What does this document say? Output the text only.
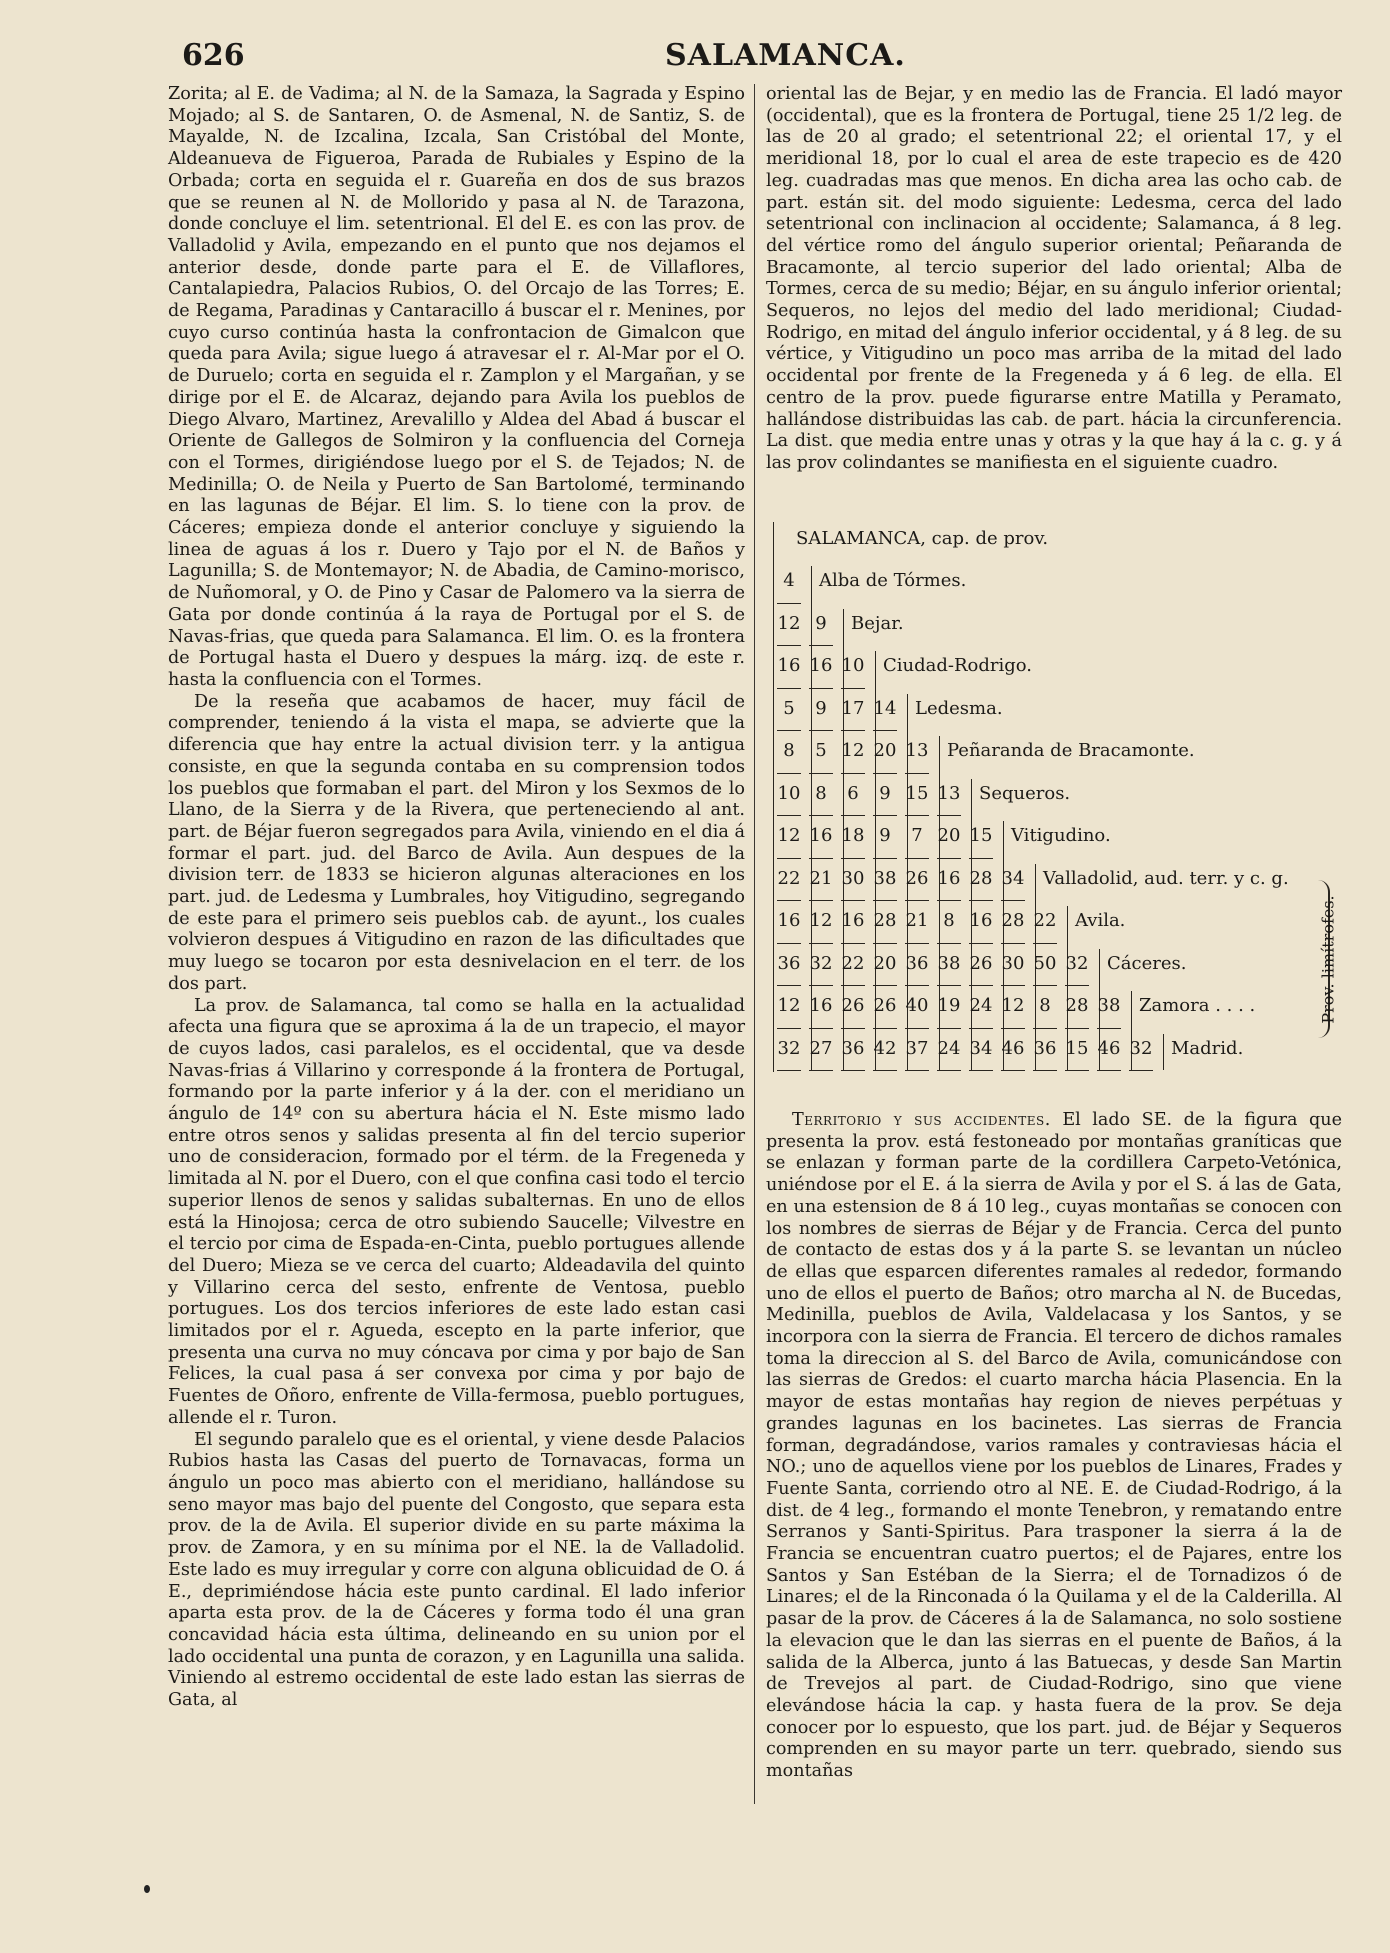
626	SALAMANCA.

Zorita; al E. de Vadima; al N. de la Samaza, la Sagrada y Espino Mojado; al S. de Santaren, O. de Asmenal, N. de Santiz, S. de Mayalde, N. de Izcalina, Izcala, San Cristóbal del Monte, Aldeanueva de Figueroa, Parada de Rubiales y Espino de la Orbada; corta en seguida el r. Guareña en dos de sus brazos que se reunen al N. de Mollorido y pasa al N. de Tarazona, donde concluye el lim. setentrional. El del E. es con las prov. de Valladolid y Avila, empezando en el punto que nos dejamos el anterior desde, donde parte para el E. de Villaflores, Cantalapiedra, Palacios Rubios, O. del Orcajo de las Torres; E. de Regama, Paradinas y Cantaracillo á buscar el r. Menines, por cuyo curso continúa hasta la confrontacion de Gimalcon que queda para Avila; sigue luego á atravesar el r. Al-Mar por el O. de Duruelo; corta en seguida el r. Zamplon y el Margañan, y se dirige por el E. de Alcaraz, dejando para Avila los pueblos de Diego Alvaro, Martinez, Arevalillo y Aldea del Abad á buscar el Oriente de Gallegos de Solmiron y la confluencia del Corneja con el Tormes, dirigiéndose luego por el S. de Tejados; N. de Medinilla; O. de Neila y Puerto de San Bartolomé, terminando en las lagunas de Béjar. El lim. S. lo tiene con la prov. de Cáceres; empieza donde el anterior concluye y siguiendo la linea de aguas á los r. Duero y Tajo por el N. de Baños y Lagunilla; S. de Montemayor; N. de Abadia, de Camino-morisco, de Nuñomoral, y O. de Pino y Casar de Palomero va la sierra de Gata por donde continúa á la raya de Portugal por el S. de Navas-frias, que queda para Salamanca. El lim. O. es la frontera de Portugal hasta el Duero y despues la márg. izq. de este r. hasta la confluencia con el Tormes.

De la reseña que acabamos de hacer, muy fácil de comprender, teniendo á la vista el mapa, se advierte que la diferencia que hay entre la actual division terr. y la antigua consiste, en que la segunda contaba en su comprension todos los pueblos que formaban el part. del Miron y los Sexmos de lo Llano, de la Sierra y de la Rivera, que perteneciendo al ant. part. de Béjar fueron segregados para Avila, viniendo en el dia á formar el part. jud. del Barco de Avila. Aun despues de la division terr. de 1833 se hicieron algunas alteraciones en los part. jud. de Ledesma y Lumbrales, hoy Vitigudino, segregando de este para el primero seis pueblos cab. de ayunt., los cuales volvieron despues á Vitigudino en razon de las dificultades que muy luego se tocaron por esta desnivelacion en el terr. de los dos part.

La prov. de Salamanca, tal como se halla en la actualidad afecta una figura que se aproxima á la de un trapecio, el mayor de cuyos lados, casi paralelos, es el occidental, que va desde Navas-frias á Villarino y corresponde á la frontera de Portugal, formando por la parte inferior y á la der. con el meridiano un ángulo de 14º con su abertura hácia el N. Este mismo lado entre otros senos y salidas presenta al fin del tercio superior uno de consideracion, formado por el térm. de la Fregeneda y limitada al N. por el Duero, con el que confina casi todo el tercio superior llenos de senos y salidas subalternas. En uno de ellos está la Hinojosa; cerca de otro subiendo Saucelle; Vilvestre en el tercio por cima de Espada-en-Cinta, pueblo portugues allende del Duero; Mieza se ve cerca del cuarto; Aldeadavila del quinto y Villarino cerca del sesto, enfrente de Ventosa, pueblo portugues. Los dos tercios inferiores de este lado estan casi limitados por el r. Agueda, escepto en la parte inferior, que presenta una curva no muy cóncava por cima y por bajo de San Felices, la cual pasa á ser convexa por cima y por bajo de Fuentes de Oñoro, enfrente de Villa-fermosa, pueblo portugues, allende el r. Turon.

El segundo paralelo que es el oriental, y viene desde Palacios Rubios hasta las Casas del puerto de Tornavacas, forma un ángulo un poco mas abierto con el meridiano, hallándose su seno mayor mas bajo del puente del Congosto, que separa esta prov. de la de Avila. El superior divide en su parte máxima la prov. de Zamora, y en su mínima por el NE. la de Valladolid. Este lado es muy irregular y corre con alguna oblicuidad de O. á E., deprimiéndose hácia este punto cardinal. El lado inferior aparta esta prov. de la de Cáceres y forma todo él una gran concavidad hácia esta última, delineando en su union por el lado occidental una punta de corazon, y en Lagunilla una salida. Viniendo al estremo occidental de este lado estan las sierras de Gata, al

oriental las de Bejar, y en medio las de Francia. El ladó mayor (occidental), que es la frontera de Portugal, tiene 25 1/2 leg. de las de 20 al grado; el setentrional 22; el oriental 17, y el meridional 18, por lo cual el area de este trapecio es de 420 leg. cuadradas mas que menos. En dicha area las ocho cab. de part. están sit. del modo siguiente: Ledesma, cerca del lado setentrional con inclinacion al occidente; Salamanca, á 8 leg. del vértice romo del ángulo superior oriental; Peñaranda de Bracamonte, al tercio superior del lado oriental; Alba de Tormes, cerca de su medio; Béjar, en su ángulo inferior oriental; Sequeros, no lejos del medio del lado meridional; Ciudad-Rodrigo, en mitad del ángulo inferior occidental, y á 8 leg. de su vértice, y Vitigudino un poco mas arriba de la mitad del lado occidental por frente de la Fregeneda y á 6 leg. de ella. El centro de la prov. puede figurarse entre Matilla y Peramato, hallándose distribuidas las cab. de part. hácia la circunferencia. La dist. que media entre unas y otras y la que hay á la c. g. y á las prov colindantes se manifiesta en el siguiente cuadro.

SALAMANCA, cap. de prov.
Prov. limítrofes.
4	Alba de Tórmes.
12 9	Bejar.
16 16 10 Ciudad-Rodrigo.
5	9 17 14 Ledesma.
8	5 12 20 13 Peñaranda de Bracamonte.
10 8	6	9 15 13 Sequeros.
12 16 18 9	7 20 15 Vitigudino.
22 21 30 38 26 16 28 34 Valladolid, aud. terr. y c. g.
16 12 16 28 21 8 16 28 22 Avila.
36 32 22 20 36 38 26 30 50 32 Cáceres.
12 16 26 26 40 19 24 12 8 28 38 Zamora . . . .
32 27 36 42 37 24 34 46 36 15 46 32 Madrid.

Territorio y sus accidentes. El lado SE. de la figura que presenta la prov. está festoneado por montañas graníticas que se enlazan y forman parte de la cordillera Carpeto-Vetónica, uniéndose por el E. á la sierra de Avila y por el S. á las de Gata, en una estension de 8 á 10 leg., cuyas montañas se conocen con los nombres de sierras de Béjar y de Francia. Cerca del punto de contacto de estas dos y á la parte S. se levantan un núcleo de ellas que esparcen diferentes ramales al rededor, formando uno de ellos el puerto de Baños; otro marcha al N. de Bucedas, Medinilla, pueblos de Avila, Valdelacasa y los Santos, y se incorpora con la sierra de Francia. El tercero de dichos ramales toma la direccion al S. del Barco de Avila, comunicándose con las sierras de Gredos: el cuarto marcha hácia Plasencia. En la mayor de estas montañas hay region de nieves perpétuas y grandes lagunas en los bacinetes. Las sierras de Francia forman, degradándose, varios ramales y contraviesas hácia el NO.; uno de aquellos viene por los pueblos de Linares, Frades y Fuente Santa, corriendo otro al NE. E. de Ciudad-Rodrigo, á la dist. de 4 leg., formando el monte Tenebron, y rematando entre Serranos y Santi-Spiritus. Para trasponer la sierra á la de Francia se encuentran cuatro puertos; el de Pajares, entre los Santos y San Estéban de la Sierra; el de Tornadizos ó de Linares; el de la Rinconada ó la Quilama y el de la Calderilla. Al pasar de la prov. de Cáceres á la de Salamanca, no solo sostiene la elevacion que le dan las sierras en el puente de Baños, á la salida de la Alberca, junto á las Batuecas, y desde San Martin de Trevejos al part. de Ciudad-Rodrigo, sino que viene elevándose hácia la cap. y hasta fuera de la prov. Se deja conocer por lo espuesto, que los part. jud. de Béjar y Sequeros comprenden en su mayor parte un terr. quebrado, siendo sus montañas
